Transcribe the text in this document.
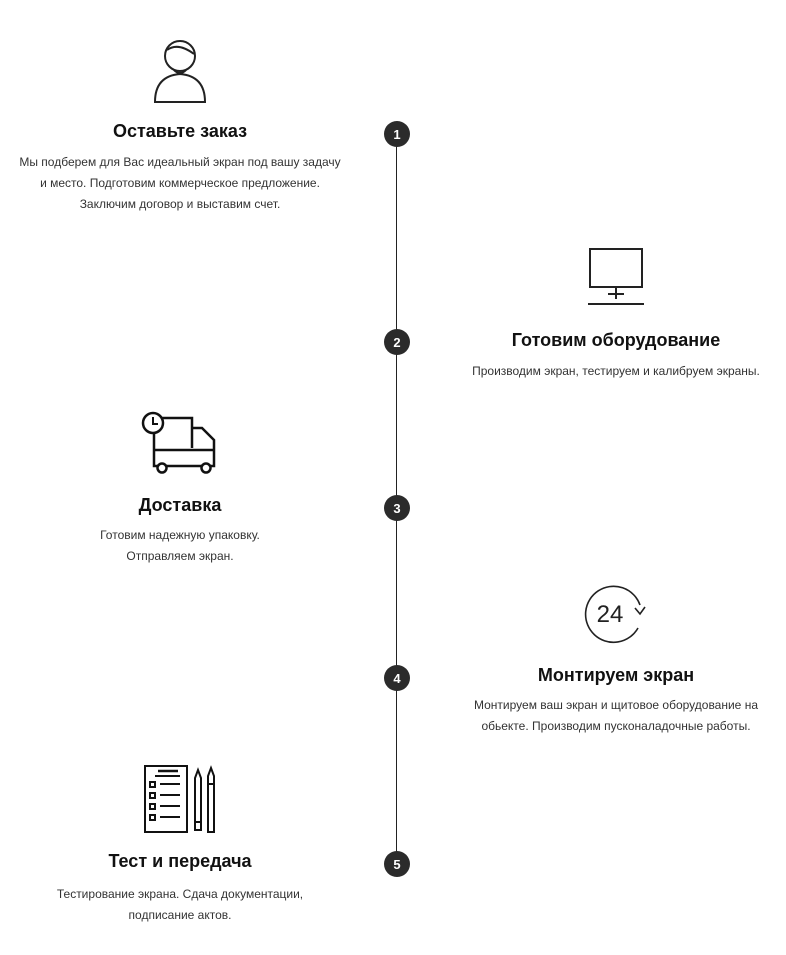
1
2
3
4
5
Оставьте заказ

Мы подберем для Вас идеальный экран под вашу задачу и место. Подготовим коммерческое предложение. Заключим договор и выставим счет.

Готовим оборудование

Производим экран, тестируем и калибруем экраны.

Доставка

Готовим надежную упаковку. Отправляем экран.

24
Монтируем экран

Монтируем ваш экран и щитовое оборудование на обьекте. Производим пусконаладочные работы.

Тест и передача

Тестирование экрана. Сдача документации, подписание актов.
